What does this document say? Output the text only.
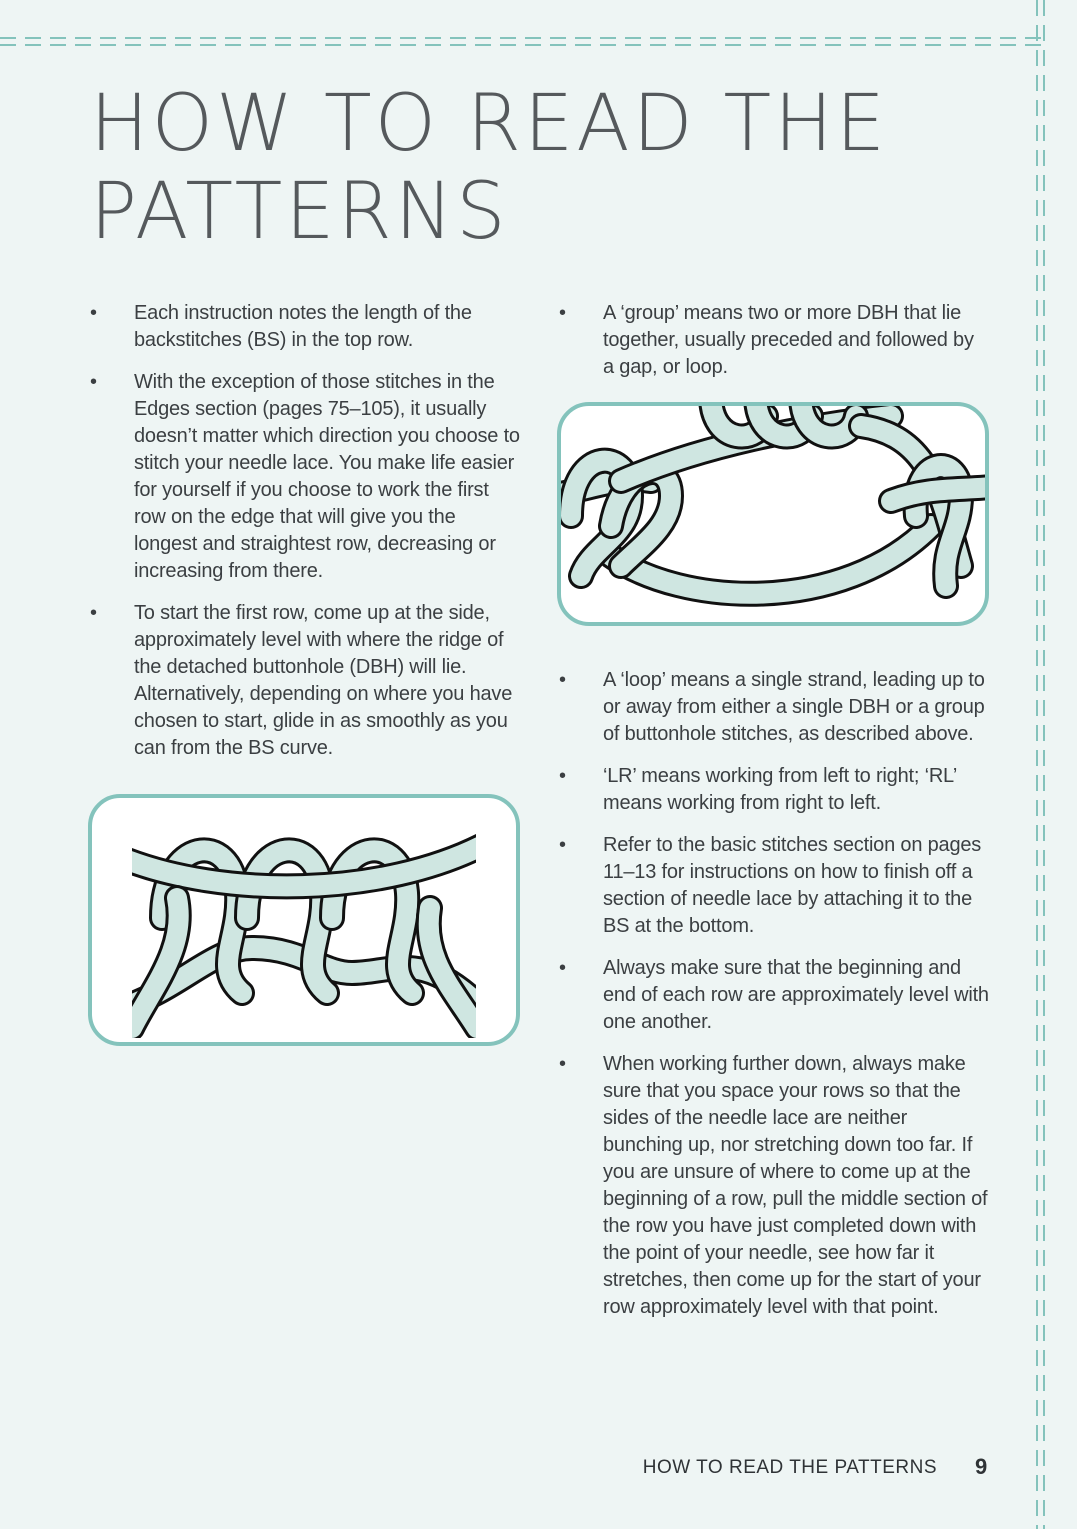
HOW TO READ THE
PATTERNS
•	Each instruction notes the length of the backstitches (BS) in the top row.
•	With the exception of those stitches in the Edges section (pages 75–105), it usually doesn’t matter which direction you choose to stitch your needle lace. You make life easier for yourself if you choose to work the first row on the edge that will give you the longest and straightest row, decreasing or increasing from there.
•	To start the first row, come up at the side, approximately level with where the ridge of the detached buttonhole (DBH) will lie. Alternatively, depending on where you have chosen to start, glide in as smoothly as you can from the BS curve.
•	A ‘group’ means two or more DBH that lie together, usually preceded and followed by a gap, or loop.
•	A ‘loop’ means a single strand, leading up to or away from either a single DBH or a group of buttonhole stitches, as described above.
•	‘LR’ means working from left to right; ‘RL’ means working from right to left.
•	Refer to the basic stitches section on pages 11–13 for instructions on how to finish off a section of needle lace by attaching it to the BS at the bottom.
•	Always make sure that the beginning and end of each row are approximately level with one another.
•	When working further down, always make sure that you space your rows so that the sides of the needle lace are neither bunching up, nor stretching down too far. If you are unsure of where to come up at the beginning of a row, pull the middle section of the row you have just completed down with the point of your needle, see how far it stretches, then come up for the start of your row approximately level with that point.
HOW TO READ THE PATTERNS 9
